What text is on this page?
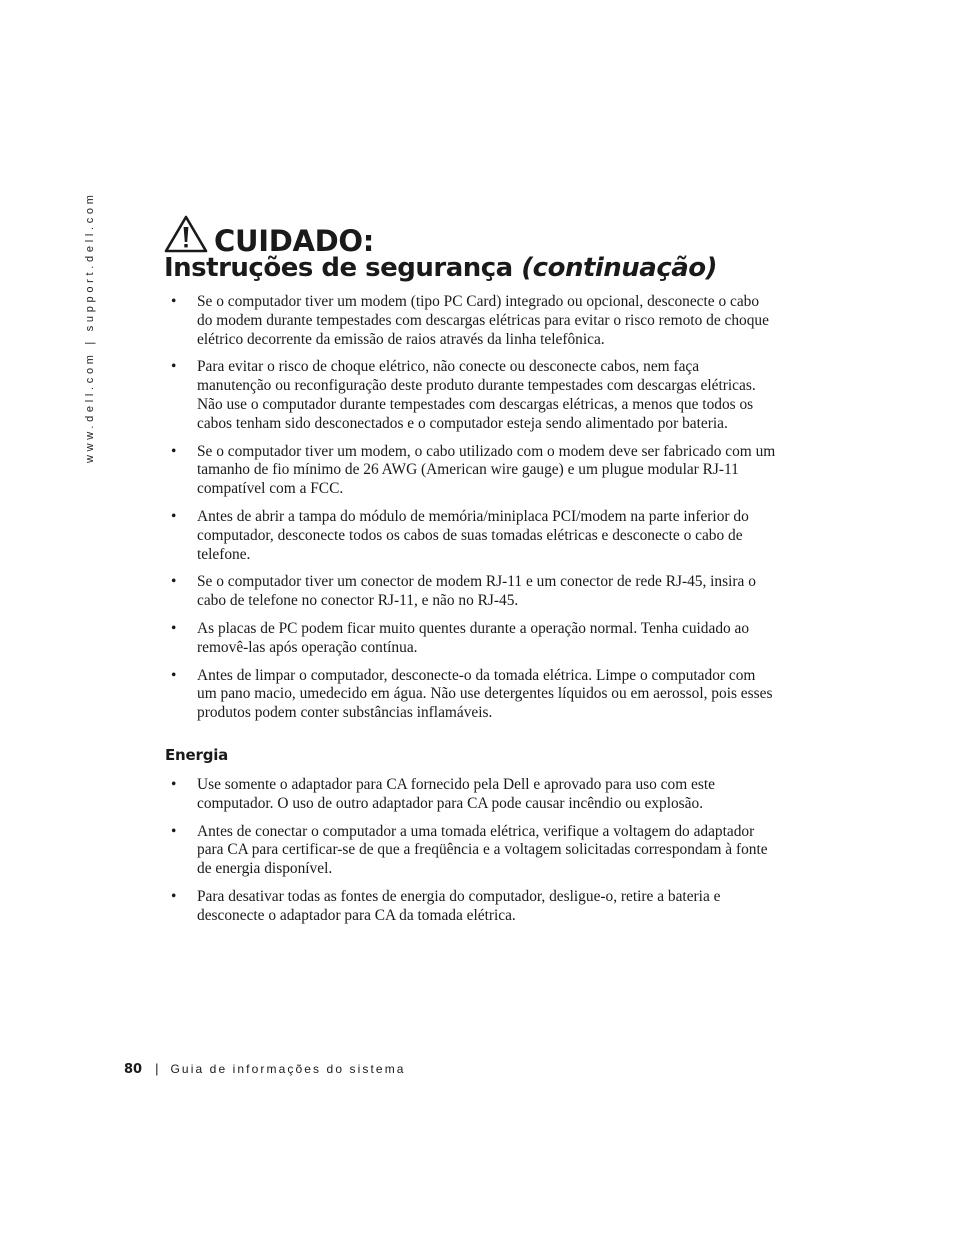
www.dell.com | support.dell.com	CUIDADO:
Instruções de segurança (continuação)
• Se o computador tiver um modem (tipo PC Card) integrado ou opcional, desconecte o cabo do modem durante tempestades com descargas elétricas para evitar o risco remoto de choque elétrico decorrente da emissão de raios através da linha telefônica.
• Para evitar o risco de choque elétrico, não conecte ou desconecte cabos, nem faça manutenção ou reconfiguração deste produto durante tempestades com descargas elétricas. Não use o computador durante tempestades com descargas elétricas, a menos que todos os cabos tenham sido desconectados e o computador esteja sendo alimentado por bateria.
• Se o computador tiver um modem, o cabo utilizado com o modem deve ser fabricado com um tamanho de fio mínimo de 26 AWG (American wire gauge) e um plugue modular RJ-11 compatível com a FCC.
• Antes de abrir a tampa do módulo de memória/miniplaca PCI/modem na parte inferior do computador, desconecte todos os cabos de suas tomadas elétricas e desconecte o cabo de telefone.
• Se o computador tiver um conector de modem RJ-11 e um conector de rede RJ-45, insira o cabo de telefone no conector RJ-11, e não no RJ-45.
• As placas de PC podem ficar muito quentes durante a operação normal. Tenha cuidado ao removê-las após operação contínua.
• Antes de limpar o computador, desconecte-o da tomada elétrica. Limpe o computador com um pano macio, umedecido em água. Não use detergentes líquidos ou em aerossol, pois esses produtos podem conter substâncias inflamáveis.
Energia
• Use somente o adaptador para CA fornecido pela Dell e aprovado para uso com este computador. O uso de outro adaptador para CA pode causar incêndio ou explosão.
• Antes de conectar o computador a uma tomada elétrica, verifique a voltagem do adaptador para CA para certificar-se de que a freqüência e a voltagem solicitadas correspondam à fonte de energia disponível.
• Para desativar todas as fontes de energia do computador, desligue-o, retire a bateria e desconecte o adaptador para CA da tomada elétrica.
80 | Guia de informações do sistema
